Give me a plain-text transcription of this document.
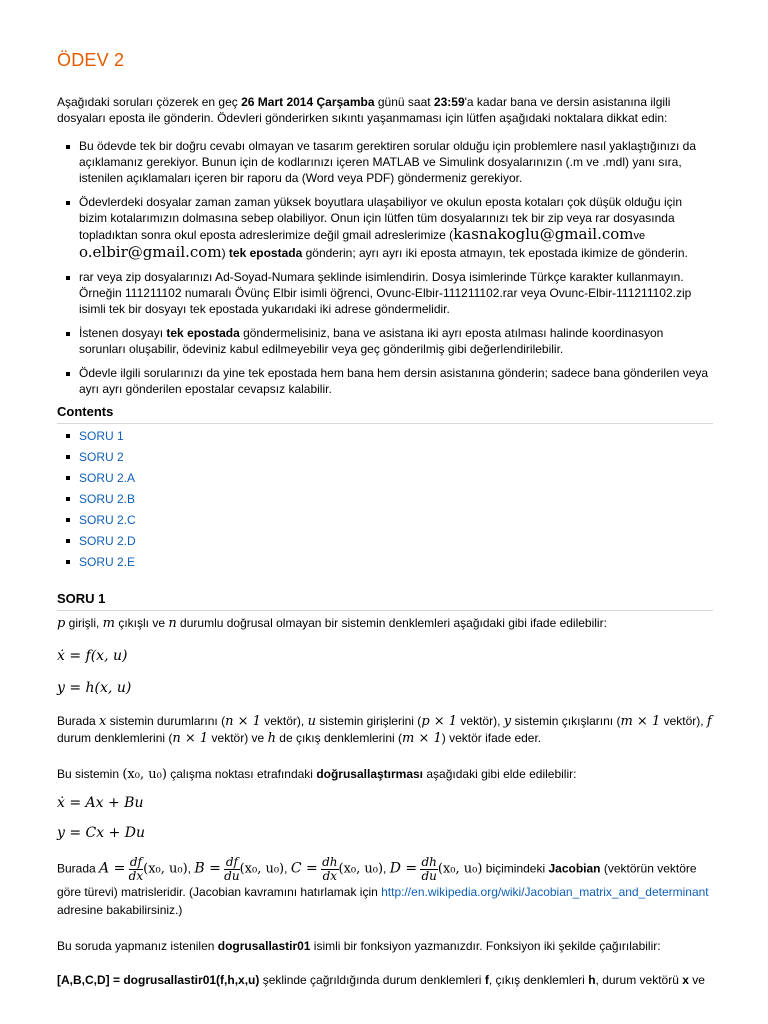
ÖDEV 2

Aşağıdaki soruları çözerek en geç 26 Mart 2014 Çarşamba günü saat 23:59'a kadar bana ve dersin asistanına ilgili dosyaları eposta ile gönderin. Ödevleri gönderirken sıkıntı yaşanmaması için lütfen aşağıdaki noktalara dikkat edin:

Bu ödevde tek bir doğru cevabı olmayan ve tasarım gerektiren sorular olduğu için problemlere nasıl yaklaştığınızı da açıklamanız gerekiyor. Bunun için de kodlarınızı içeren MATLAB ve Simulink dosyalarınızın (.m ve .mdl) yanı sıra, istenilen açıklamaları içeren bir raporu da (Word veya PDF) göndermeniz gerekiyor.
Ödevlerdeki dosyalar zaman zaman yüksek boyutlara ulaşabiliyor ve okulun eposta kotaları çok düşük olduğu için bizim kotalarımızın dolmasına sebep olabiliyor. Onun için lütfen tüm dosyalarınızı tek bir zip veya rar dosyasında topladıktan sonra okul eposta adreslerimize değil gmail adreslerimize (kasnakoglu@gmail.comve
o.elbir@gmail.com) tek epostada gönderin; ayrı ayrı iki eposta atmayın, tek epostada ikimize de gönderin.
rar veya zip dosyalarınızı Ad-Soyad-Numara şeklinde isimlendirin. Dosya isimlerinde Türkçe karakter kullanmayın. Örneğin 111211102 numaralı Övünç Elbir isimli öğrenci, Ovunc-Elbir-111211102.rar veya Ovunc-Elbir-111211102.zip isimli tek bir dosyayı tek epostada yukarıdaki iki adrese göndermelidir.
İstenen dosyayı tek epostada göndermelisiniz, bana ve asistana iki ayrı eposta atılması halinde koordinasyon sorunları oluşabilir, ödeviniz kabul edilmeyebilir veya geç gönderilmiş gibi değerlendirilebilir.
Ödevle ilgili sorularınızı da yine tek epostada hem bana hem dersin asistanına gönderin; sadece bana gönderilen veya ayrı ayrı gönderilen epostalar cevapsız kalabilir.
Contents
SORU 1
SORU 2
SORU 2.A
SORU 2.B
SORU 2.C
SORU 2.D
SORU 2.E
SORU 1

p girişli, m çıkışlı ve n durumlu doğrusal olmayan bir sistemin denklemleri aşağıdaki gibi ifade edilebilir:

ẋ = f(x, u)
y = h(x, u)

Burada x sistemin durumlarını (n × 1 vektör), u sistemin girişlerini (p × 1 vektör), y sistemin çıkışlarını (m × 1 vektör), f durum denklemlerini (n × 1 vektör) ve h de çıkış denklemlerini (m × 1) vektör ifade eder.

Bu sistemin (x₀, u₀) çalışma noktası etrafındaki doğrusallaştırması aşağıdaki gibi elde edilebilir:

ẋ = Ax + Bu
y = Cx + Du

Burada $A = \frac{df}{dx} (x_0$, u₀), $B = \frac{df}{du} (x_0$, u₀), $C = \frac{dh}{dx} (x_0$, u₀), $D = \frac{dh}{du} (x_0$, u₀) biçimindeki Jacobian (vektörün vektöre göre türevi) matrisleridir. (Jacobian kavramını hatırlamak için http://en.wikipedia.org/wiki/Jacobian_matrix_and_determinant adresine bakabilirsiniz.)

Bu soruda yapmanız istenilen dogrusallastir01 isimli bir fonksiyon yazmanızdır. Fonksiyon iki şekilde çağırılabilir:

[A,B,C,D] = dogrusallastir01(f,h,x,u) şeklinde çağrıldığında durum denklemleri f, çıkış denklemleri h, durum vektörü x ve
